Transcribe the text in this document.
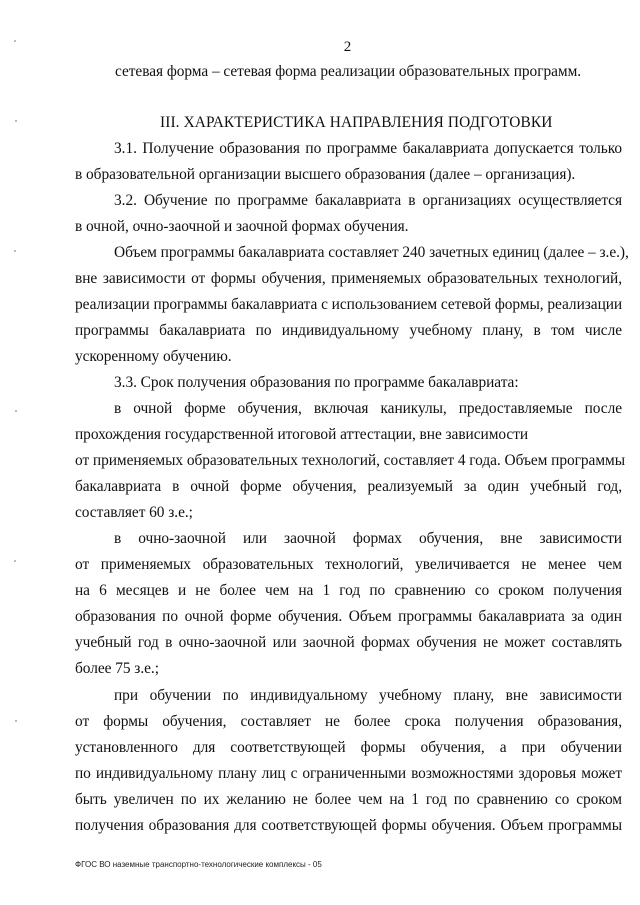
2
сетевая форма – сетевая форма реализации образовательных программ.
III. ХАРАКТЕРИСТИКА НАПРАВЛЕНИЯ ПОДГОТОВКИ
3.1. Получение образования по программе бакалавриата допускается только
в образовательной организации высшего образования (далее – организация).
3.2. Обучение по программе бакалавриата в организациях осуществляется
в очной, очно-заочной и заочной формах обучения.
Объем программы бакалавриата составляет 240 зачетных единиц (далее – з.е.),
вне зависимости от формы обучения, применяемых образовательных технологий,
реализации программы бакалавриата с использованием сетевой формы, реализации
программы бакалавриата по индивидуальному учебному плану, в том числе
ускоренному обучению.
3.3. Срок получения образования по программе бакалавриата:
в очной форме обучения, включая каникулы, предоставляемые после
прохождения государственной итоговой аттестации, вне зависимости
от применяемых образовательных технологий, составляет 4 года. Объем программы
бакалавриата в очной форме обучения, реализуемый за один учебный год,
составляет 60 з.е.;
в очно-заочной или заочной формах обучения, вне зависимости
от применяемых образовательных технологий, увеличивается не менее чем
на 6 месяцев и не более чем на 1 год по сравнению со сроком получения
образования по очной форме обучения. Объем программы бакалавриата за один
учебный год в очно-заочной или заочной формах обучения не может составлять
более 75 з.е.;
при обучении по индивидуальному учебному плану, вне зависимости
от формы обучения, составляет не более срока получения образования,
установленного для соответствующей формы обучения, а при обучении
по индивидуальному плану лиц с ограниченными возможностями здоровья может
быть увеличен по их желанию не более чем на 1 год по сравнению со сроком
получения образования для соответствующей формы обучения. Объем программы
ФГОС ВО наземные транспортно-технологические комплексы - 05
